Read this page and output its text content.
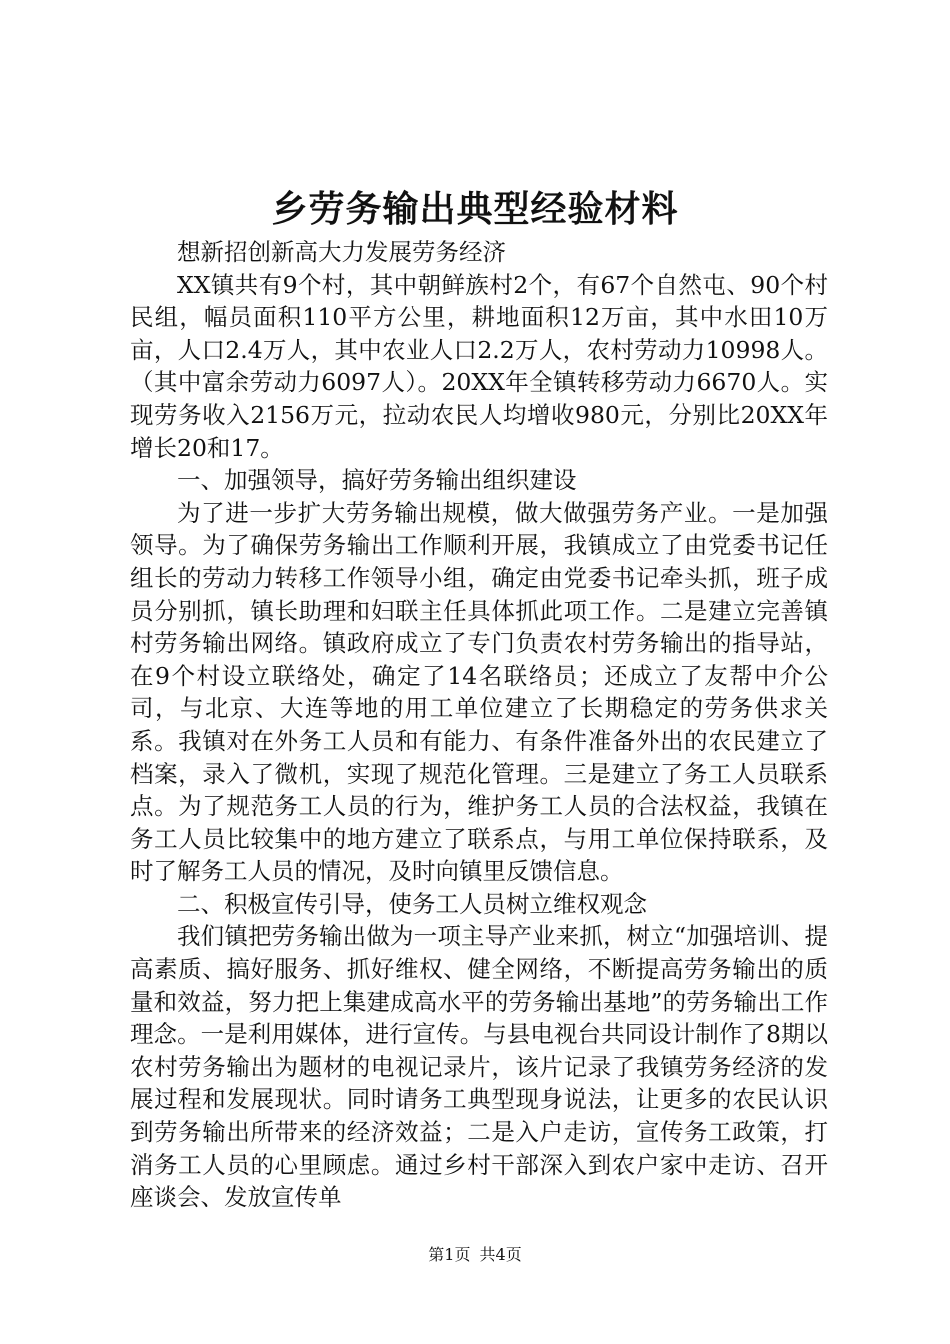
乡劳务输出典型经验材料

想新招创新高大力发展劳务经济

XX镇共有9个村，其中朝鲜族村2个，有67个自然屯、90个村民组，幅员面积110平方公里，耕地面积12万亩，其中水田10万亩，人口2.4万人，其中农业人口2.2万人，农村劳动力10998人。（其中富余劳动力6097人）。20XX年全镇转移劳动力6670人。实现劳务收入2156万元，拉动农民人均增收980元，分别比20XX年增长20和17。

一、加强领导，搞好劳务输出组织建设

为了进一步扩大劳务输出规模，做大做强劳务产业。一是加强领导。为了确保劳务输出工作顺利开展，我镇成立了由党委书记任组长的劳动力转移工作领导小组，确定由党委书记牵头抓，班子成员分别抓，镇长助理和妇联主任具体抓此项工作。二是建立完善镇村劳务输出网络。镇政府成立了专门负责农村劳务输出的指导站，在9个村设立联络处，确定了14名联络员；还成立了友帮中介公司，与北京、大连等地的用工单位建立了长期稳定的劳务供求关系。我镇对在外务工人员和有能力、有条件准备外出的农民建立了档案，录入了微机，实现了规范化管理。三是建立了务工人员联系点。为了规范务工人员的行为，维护务工人员的合法权益，我镇在务工人员比较集中的地方建立了联系点，与用工单位保持联系，及时了解务工人员的情况，及时向镇里反馈信息。

二、积极宣传引导，使务工人员树立维权观念

我们镇把劳务输出做为一项主导产业来抓，树立“加强培训、提高素质、搞好服务、抓好维权、健全网络，不断提高劳务输出的质量和效益，努力把上集建成高水平的劳务输出基地”的劳务输出工作理念。一是利用媒体，进行宣传。与县电视台共同设计制作了8期以农村劳务输出为题材的电视记录片，该片记录了我镇劳务经济的发展过程和发展现状。同时请务工典型现身说法，让更多的农民认识到劳务输出所带来的经济效益；二是入户走访，宣传务工政策，打消务工人员的心里顾虑。通过乡村干部深入到农户家中走访、召开座谈会、发放宣传单

第1页 共4页
